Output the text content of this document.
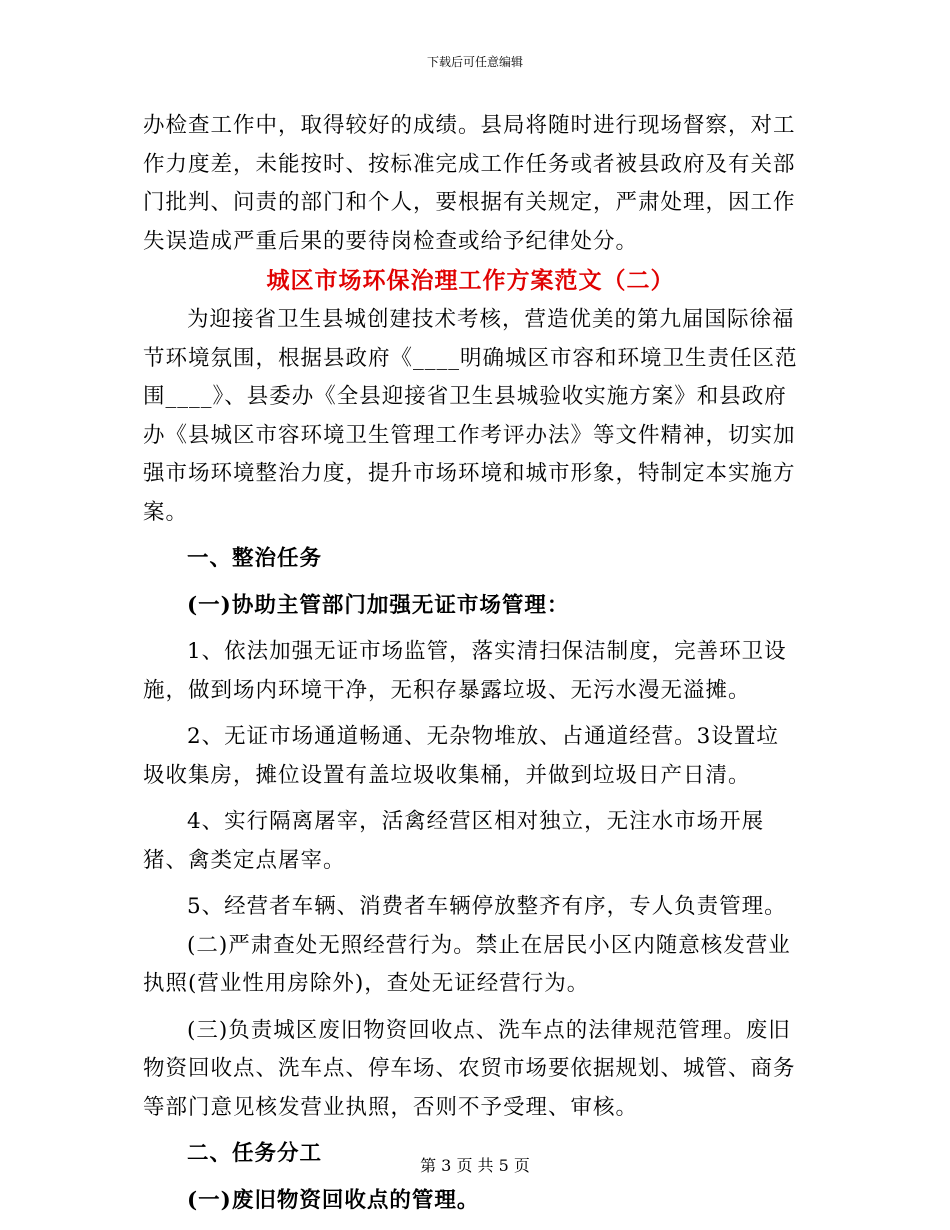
下载后可任意编辑

办检查工作中，取得较好的成绩。县局将随时进行现场督察，对工作力度差，未能按时、按标准完成工作任务或者被县政府及有关部门批判、问责的部门和个人，要根据有关规定，严肃处理，因工作失误造成严重后果的要待岗检查或给予纪律处分。

城区市场环保治理工作方案范文（二）

为迎接省卫生县城创建技术考核，营造优美的第九届国际徐福节环境氛围，根据县政府《____明确城区市容和环境卫生责任区范围____》、县委办《全县迎接省卫生县城验收实施方案》和县政府办《县城区市容环境卫生管理工作考评办法》等文件精神，切实加强市场环境整治力度，提升市场环境和城市形象，特制定本实施方案。

一、整治任务

(一)协助主管部门加强无证市场管理：

1、依法加强无证市场监管，落实清扫保洁制度，完善环卫设施，做到场内环境干净，无积存暴露垃圾、无污水漫无溢摊。

2、无证市场通道畅通、无杂物堆放、占通道经营。3设置垃圾收集房，摊位设置有盖垃圾收集桶，并做到垃圾日产日清。

4、实行隔离屠宰，活禽经营区相对独立，无注水市场开展猪、禽类定点屠宰。

5、经营者车辆、消费者车辆停放整齐有序，专人负责管理。

(二)严肃查处无照经营行为。禁止在居民小区内随意核发营业执照(营业性用房除外)，查处无证经营行为。

(三)负责城区废旧物资回收点、洗车点的法律规范管理。废旧物资回收点、洗车点、停车场、农贸市场要依据规划、城管、商务等部门意见核发营业执照，否则不予受理、审核。

二、任务分工

(一)废旧物资回收点的管理。

第 3 页 共 5 页
